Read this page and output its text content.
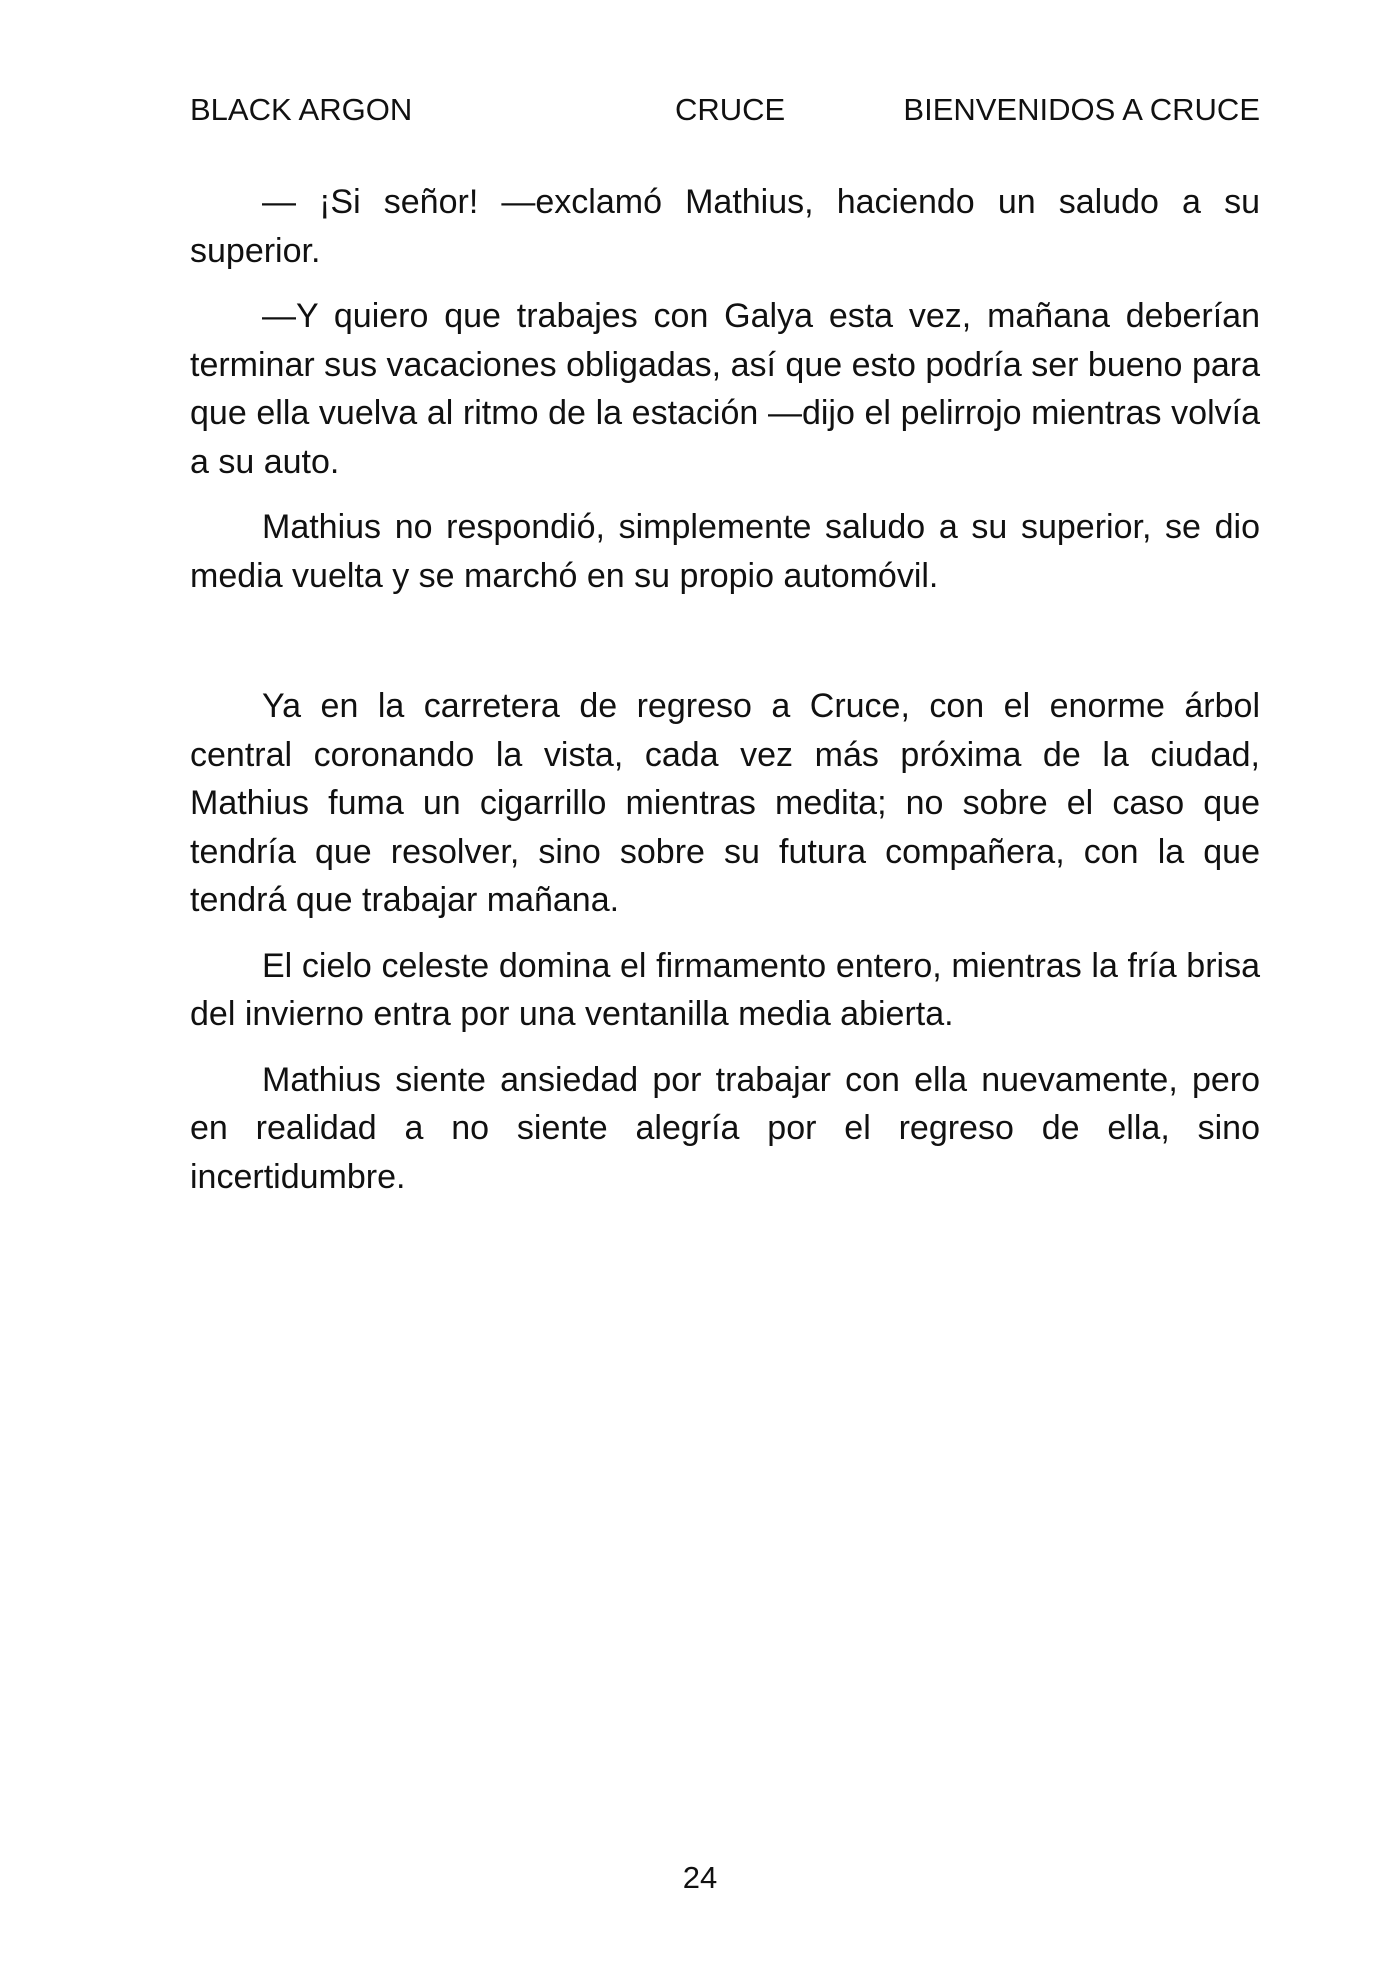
BLACK ARGON	CRUCE	BIENVENIDOS A CRUCE

— ¡Si señor! —exclamó Mathius, haciendo un saludo a su superior.

—Y quiero que trabajes con Galya esta vez, mañana deberían terminar sus vacaciones obligadas, así que esto podría ser bueno para que ella vuelva al ritmo de la estación —dijo el pelirrojo mientras volvía a su auto.

Mathius no respondió, simplemente saludo a su superior, se dio media vuelta y se marchó en su propio automóvil.

Ya en la carretera de regreso a Cruce, con el enorme árbol central coronando la vista, cada vez más próxima de la ciudad, Mathius fuma un cigarrillo mientras medita; no sobre el caso que tendría que resolver, sino sobre su futura compañera, con la que tendrá que trabajar mañana.

El cielo celeste domina el firmamento entero, mientras la fría brisa del invierno entra por una ventanilla media abierta.

Mathius siente ansiedad por trabajar con ella nuevamente, pero en realidad a no siente alegría por el regreso de ella, sino incertidumbre.

24
